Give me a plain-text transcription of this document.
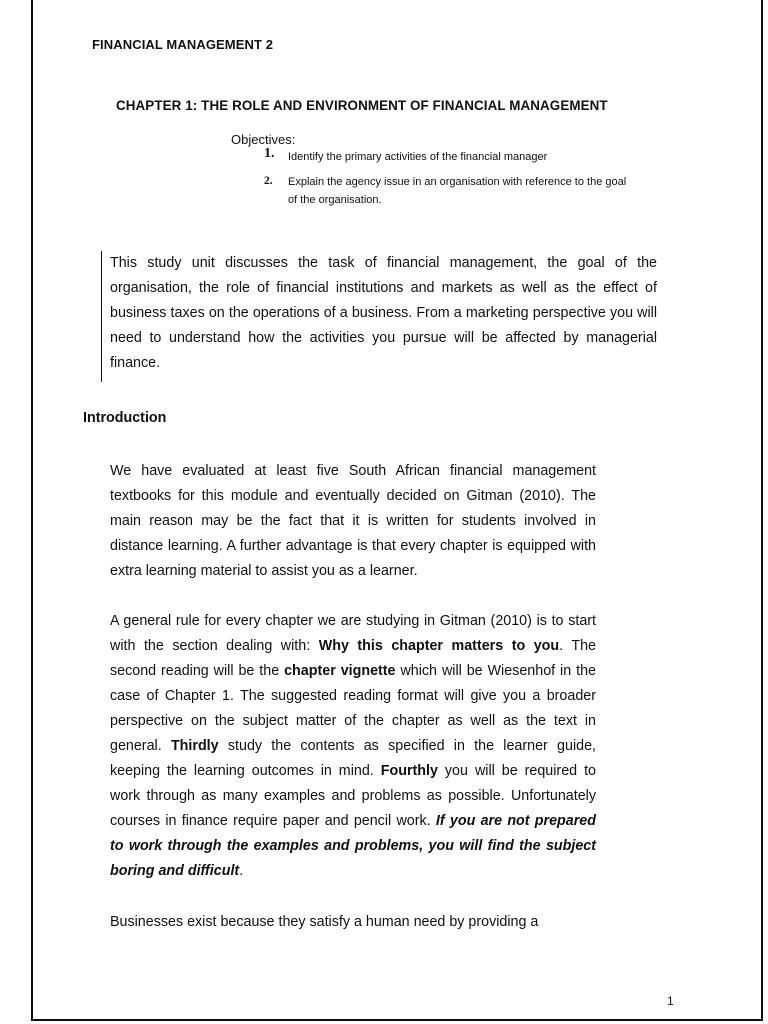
FINANCIAL MANAGEMENT 2
CHAPTER 1: THE ROLE AND ENVIRONMENT OF FINANCIAL MANAGEMENT
Objectives:
1. Identify the primary activities of the financial manager
2. Explain the agency issue in an organisation with reference to the goal of the organisation.
This study unit discusses the task of financial management, the goal of the organisation, the role of financial institutions and markets as well as the effect of business taxes on the operations of a business. From a marketing perspective you will need to understand how the activities you pursue will be affected by managerial finance.
Introduction
We have evaluated at least five South African financial management textbooks for this module and eventually decided on Gitman (2010). The main reason may be the fact that it is written for students involved in distance learning. A further advantage is that every chapter is equipped with extra learning material to assist you as a learner.

A general rule for every chapter we are studying in Gitman (2010) is to start with the section dealing with: Why this chapter matters to you. The second reading will be the chapter vignette which will be Wiesenhof in the case of Chapter 1. The suggested reading format will give you a broader perspective on the subject matter of the chapter as well as the text in general. Thirdly study the contents as specified in the learner guide, keeping the learning outcomes in mind. Fourthly you will be required to work through as many examples and problems as possible. Unfortunately courses in finance require paper and pencil work. If you are not prepared to work through the examples and problems, you will find the subject boring and difficult.

Businesses exist because they satisfy a human need by providing a
1
